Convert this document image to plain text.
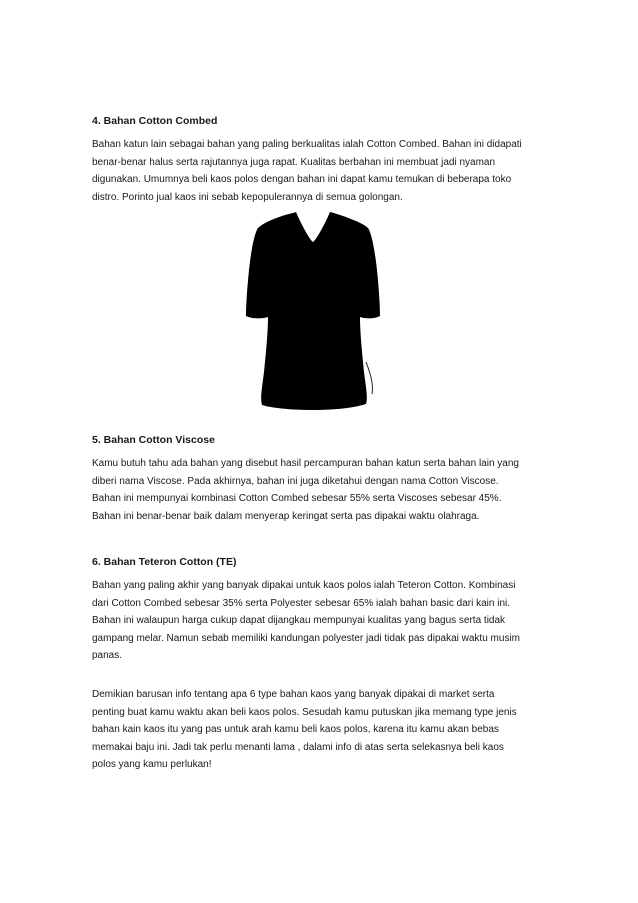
4. Bahan Cotton Combed

Bahan katun lain sebagai bahan yang paling berkualitas ialah Cotton Combed. Bahan ini didapati
benar-benar halus serta rajutannya juga rapat. Kualitas berbahan ini membuat jadi nyaman
digunakan. Umumnya beli kaos polos dengan bahan ini dapat kamu temukan di beberapa toko
distro. Porinto jual kaos ini sebab kepopulerannya di semua golongan.

5. Bahan Cotton Viscose

Kamu butuh tahu ada bahan yang disebut hasil percampuran bahan katun serta bahan lain yang
diberi nama Viscose. Pada akhirnya, bahan ini juga diketahui dengan nama Cotton Viscose.
Bahan ini mempunyai kombinasi Cotton Combed sebesar 55% serta Viscoses sebesar 45%.
Bahan ini benar-benar baik dalam menyerap keringat serta pas dipakai waktu olahraga.

6. Bahan Teteron Cotton (TE)

Bahan yang paling akhir yang banyak dipakai untuk kaos polos ialah Teteron Cotton. Kombinasi
dari Cotton Combed sebesar 35% serta Polyester sebesar 65% ialah bahan basic dari kain ini.
Bahan ini walaupun harga cukup dapat dijangkau mempunyai kualitas yang bagus serta tidak
gampang melar. Namun sebab memiliki kandungan polyester jadi tidak pas dipakai waktu musim
panas.
Demikian barusan info tentang apa 6 type bahan kaos yang banyak dipakai di market serta
penting buat kamu waktu akan beli kaos polos. Sesudah kamu putuskan jika memang type jenis
bahan kain kaos itu yang pas untuk arah kamu beli kaos polos, karena itu kamu akan bebas
memakai baju ini. Jadi tak perlu menanti lama , dalami info di atas serta selekasnya beli kaos
polos yang kamu perlukan!
